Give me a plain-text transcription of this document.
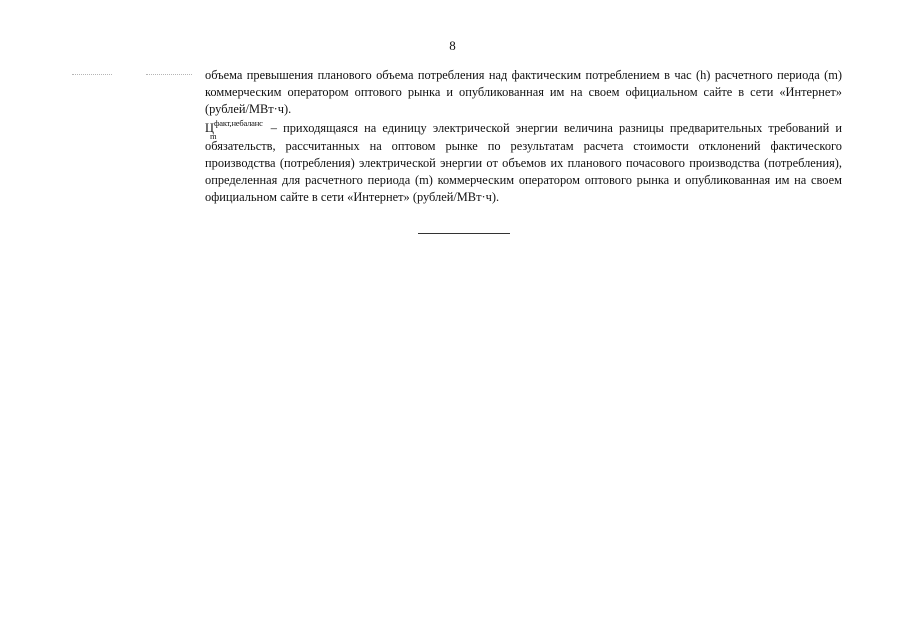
8

объема превышения планового объема потребления над фактическим потреблением в час (h) расчетного периода (m) коммерческим оператором оптового рынка и опубликованная им на своем официальном сайте в сети «Интернет» (рублей/МВт·ч).

$Ц^{факт,небаланс}$
m
– приходящаяся на единицу электрической энергии величина разницы предварительных требований и обязательств, рассчитанных на оптовом рынке по результатам расчета стоимости отклонений фактического производства (потребления) электрической энергии от объемов их планового почасового производства (потребления), определенная для расчетного периода (m) коммерческим оператором оптового рынка и опубликованная им на своем официальном сайте в сети «Интернет» (рублей/МВт·ч).
